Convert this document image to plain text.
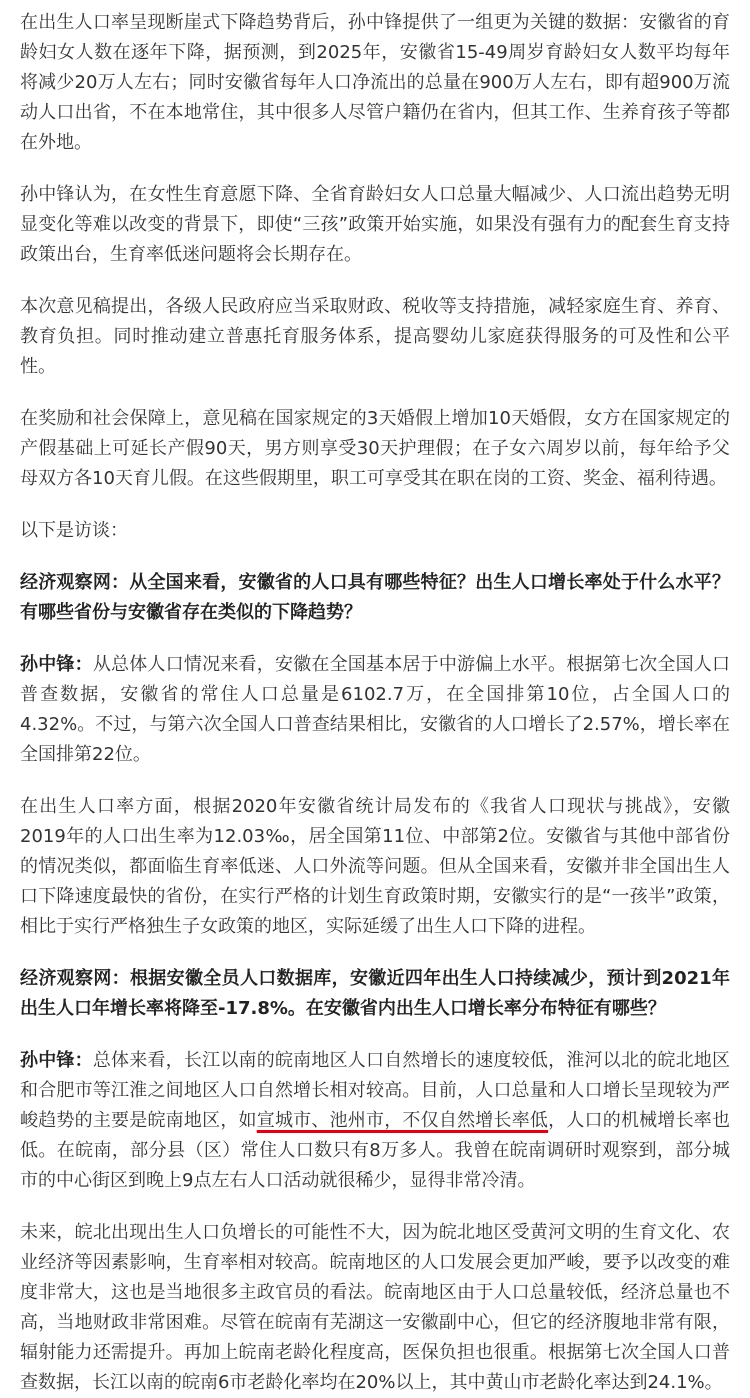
在出生人口率呈现断崖式下降趋势背后，孙中锋提供了一组更为关键的数据：安徽省的育龄妇女人数在逐年下降，据预测，到2025年，安徽省15-49周岁育龄妇女人数平均每年将减少20万人左右；同时安徽省每年人口净流出的总量在900万人左右，即有超900万流动人口出省，不在本地常住，其中很多人尽管户籍仍在省内，但其工作、生养育孩子等都在外地。

孙中锋认为，在女性生育意愿下降、全省育龄妇女人口总量大幅减少、人口流出趋势无明显变化等难以改变的背景下，即使“三孩”政策开始实施，如果没有强有力的配套生育支持政策出台，生育率低迷问题将会长期存在。

本次意见稿提出，各级人民政府应当采取财政、税收等支持措施，减轻家庭生育、养育、教育负担。同时推动建立普惠托育服务体系，提高婴幼儿家庭获得服务的可及性和公平性。

在奖励和社会保障上，意见稿在国家规定的3天婚假上增加10天婚假，女方在国家规定的产假基础上可延长产假90天，男方则享受30天护理假；在子女六周岁以前，每年给予父母双方各10天育儿假。在这些假期里，职工可享受其在职在岗的工资、奖金、福利待遇。

以下是访谈：

经济观察网：从全国来看，安徽省的人口具有哪些特征？出生人口增长率处于什么水平？有哪些省份与安徽省存在类似的下降趋势？

孙中锋：从总体人口情况来看，安徽在全国基本居于中游偏上水平。根据第七次全国人口普查数据，安徽省的常住人口总量是6102.7万，在全国排第10位，占全国人口的4.32%。不过，与第六次全国人口普查结果相比，安徽省的人口增长了2.57%，增长率在全国排第22位。

在出生人口率方面，根据2020年安徽省统计局发布的《我省人口现状与挑战》，安徽2019年的人口出生率为12.03‰，居全国第11位、中部第2位。安徽省与其他中部省份的情况类似，都面临生育率低迷、人口外流等问题。但从全国来看，安徽并非全国出生人口下降速度最快的省份，在实行严格的计划生育政策时期，安徽实行的是“一孩半”政策，相比于实行严格独生子女政策的地区，实际延缓了出生人口下降的进程。

经济观察网：根据安徽全员人口数据库，安徽近四年出生人口持续减少，预计到2021年出生人口年增长率将降至-17.8%。在安徽省内出生人口增长率分布特征有哪些？

孙中锋：总体来看，长江以南的皖南地区人口自然增长的速度较低，淮河以北的皖北地区和合肥市等江淮之间地区人口自然增长相对较高。目前，人口总量和人口增长呈现较为严峻趋势的主要是皖南地区，如宣城市、池州市，不仅自然增长率低，人口的机械增长率也低。在皖南，部分县（区）常住人口数只有8万多人。我曾在皖南调研时观察到，部分城市的中心街区到晚上9点左右人口活动就很稀少，显得非常冷清。

未来，皖北出现出生人口负增长的可能性不大，因为皖北地区受黄河文明的生育文化、农业经济等因素影响，生育率相对较高。皖南地区的人口发展会更加严峻，要予以改变的难度非常大，这也是当地很多主政官员的看法。皖南地区由于人口总量较低，经济总量也不高，当地财政非常困难。尽管在皖南有芜湖这一安徽副中心，但它的经济腹地非常有限，辐射能力还需提升。再加上皖南老龄化程度高，医保负担也很重。根据第七次全国人口普查数据，长江以南的皖南6市老龄化率均在20%以上，其中黄山市老龄化率达到24.1%。
